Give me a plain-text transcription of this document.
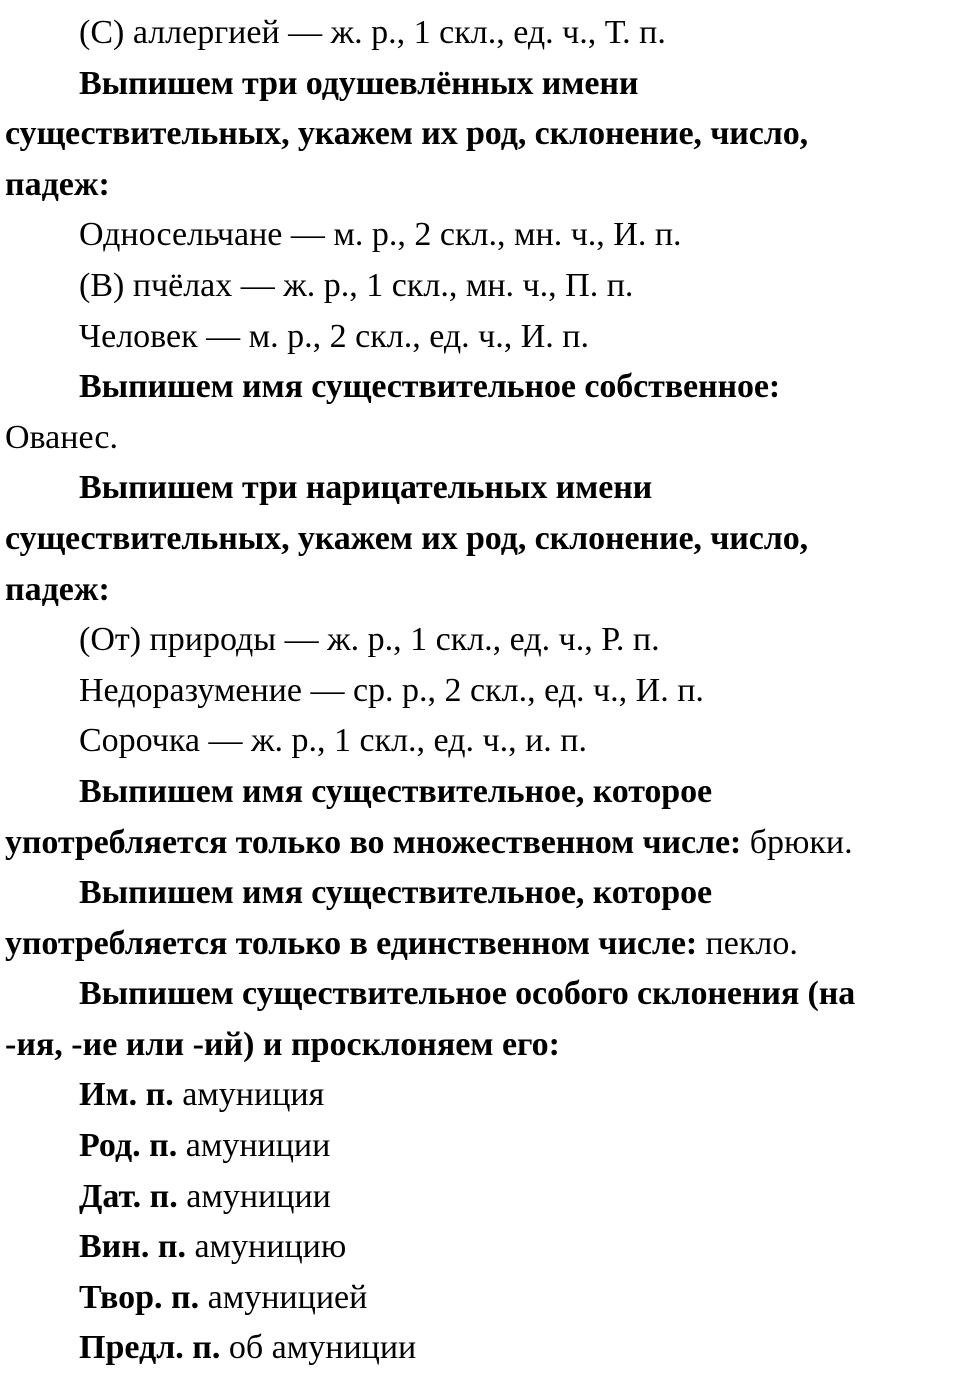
(С) аллергией — ж. р., 1 скл., ед. ч., Т. п.
Выпишем три одушевлённых имени
существительных, укажем их род, склонение, число,
падеж:
Односельчане — м. р., 2 скл., мн. ч., И. п.
(В) пчёлах — ж. р., 1 скл., мн. ч., П. п.
Человек — м. р., 2 скл., ед. ч., И. п.
Выпишем имя существительное собственное:
Ованес.
Выпишем три нарицательных имени
существительных, укажем их род, склонение, число,
падеж:
(От) природы — ж. р., 1 скл., ед. ч., Р. п.
Недоразумение — ср. р., 2 скл., ед. ч., И. п.
Сорочка — ж. р., 1 скл., ед. ч., и. п.
Выпишем имя существительное, которое
употребляется только во множественном числе: брюки.
Выпишем имя существительное, которое
употребляется только в единственном числе: пекло.
Выпишем существительное особого склонения (на
-ия, -ие или -ий) и просклоняем его:
Им. п. амуниция
Род. п. амуниции
Дат. п. амуниции
Вин. п. амуницию
Твор. п. амуницией
Предл. п. об амуниции
